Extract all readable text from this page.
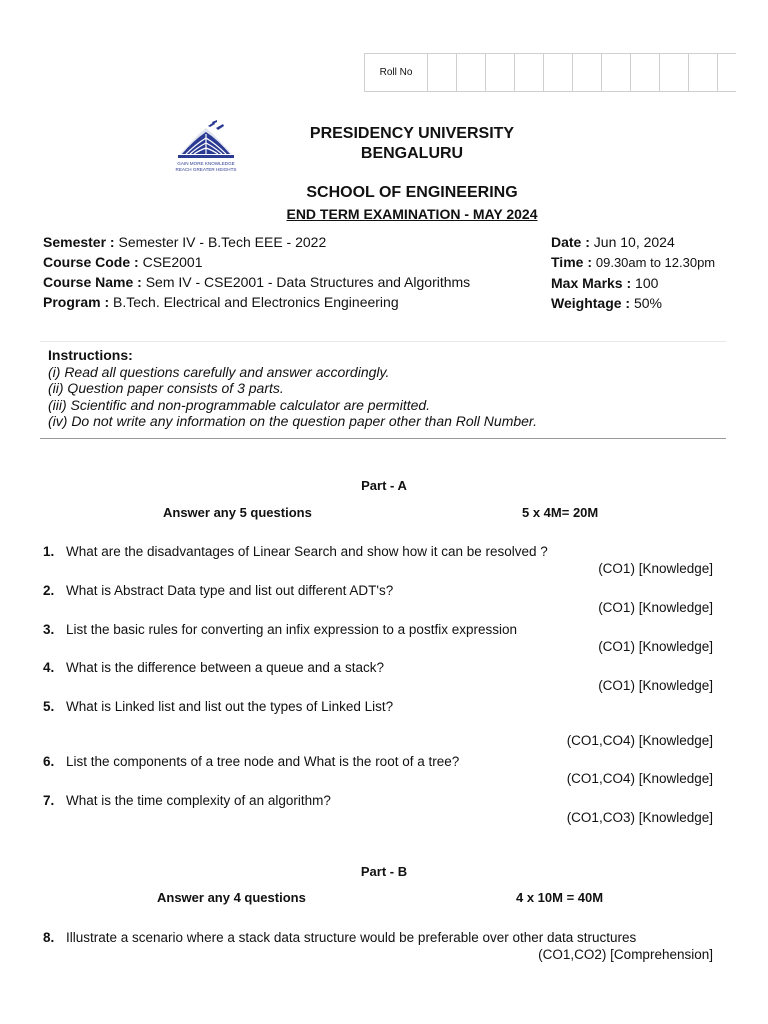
Roll No
GAIN MORE KNOWLEDGE
REACH GREATER HEIGHTS
PRESIDENCY UNIVERSITY
BENGALURU
SCHOOL OF ENGINEERING
END TERM EXAMINATION - MAY 2024
Semester : Semester IV - B.Tech EEE - 2022
Course Code : CSE2001
Course Name : Sem IV - CSE2001 - Data Structures and Algorithms
Program : B.Tech. Electrical and Electronics Engineering
Date : Jun 10, 2024
Time : 09.30am to 12.30pm
Max Marks : 100
Weightage : 50%
Instructions:
(i) Read all questions carefully and answer accordingly.
(ii) Question paper consists of 3 parts.
(iii) Scientific and non-programmable calculator are permitted.
(iv) Do not write any information on the question paper other than Roll Number.
Part - A
Answer any 5 questions	5 x 4M= 20M
1. What are the disadvantages of Linear Search and show how it can be resolved ?
(CO1) [Knowledge]
2. What is Abstract Data type and list out different ADT's?
(CO1) [Knowledge]
3. List the basic rules for converting an infix expression to a postfix expression
(CO1) [Knowledge]
4. What is the difference between a queue and a stack?
(CO1) [Knowledge]
5. What is Linked list and list out the types of Linked List?
(CO1,CO4) [Knowledge]
6. List the components of a tree node and What is the root of a tree?
(CO1,CO4) [Knowledge]
7. What is the time complexity of an algorithm?
(CO1,CO3) [Knowledge]
Part - B
Answer any 4 questions	4 x 10M = 40M
8. Illustrate a scenario where a stack data structure would be preferable over other data structures
(CO1,CO2) [Comprehension]
